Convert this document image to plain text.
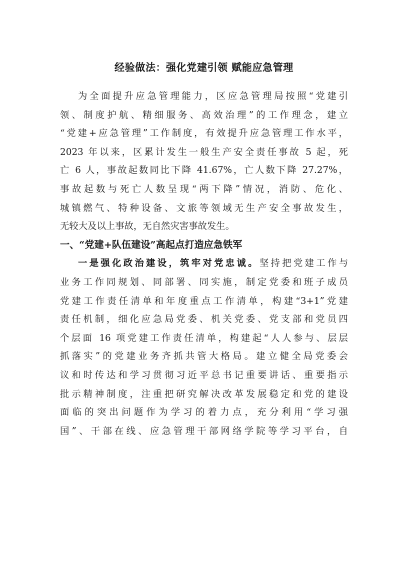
经验做法：强化党建引领 赋能应急管理
为全面提升应急管理能力，区应急管理局按照“党建引
领、制度护航、精细服务、高效治理”的工作理念，建立
“党建+应急管理”工作制度，有效提升应急管理工作水平，
2023 年以来，区累计发生一般生产安全责任事故 5 起，死
亡 6 人，事故起数同比下降 41.67%，亡人数下降 27.27%，
事故起数与死亡人数呈现“两下降”情况，消防、危化、
城镇燃气、特种设备、文旅等领域无生产安全事故发生，
无较大及以上事故，无自然灾害事故发生。
一、“党建+队伍建设”高起点打造应急铁军
一是强化政治建设，筑牢对党忠诚。坚持把党建工作与
业务工作同规划、同部署、同实施，制定党委和班子成员
党建工作责任清单和年度重点工作清单，构建“3+1”党建
责任机制，细化应急局党委、机关党委、党支部和党员四
个层面 16 项党建工作责任清单，构建起“人人参与、层层
抓落实”的党建业务齐抓共管大格局。建立健全局党委会
议和时传达和学习贯彻习近平总书记重要讲话、重要指示
批示精神制度，注重把研究解决改革发展稳定和党的建设
面临的突出问题作为学习的着力点，充分利用“学习强
国”、干部在线、应急管理干部网络学院等学习平台，自
